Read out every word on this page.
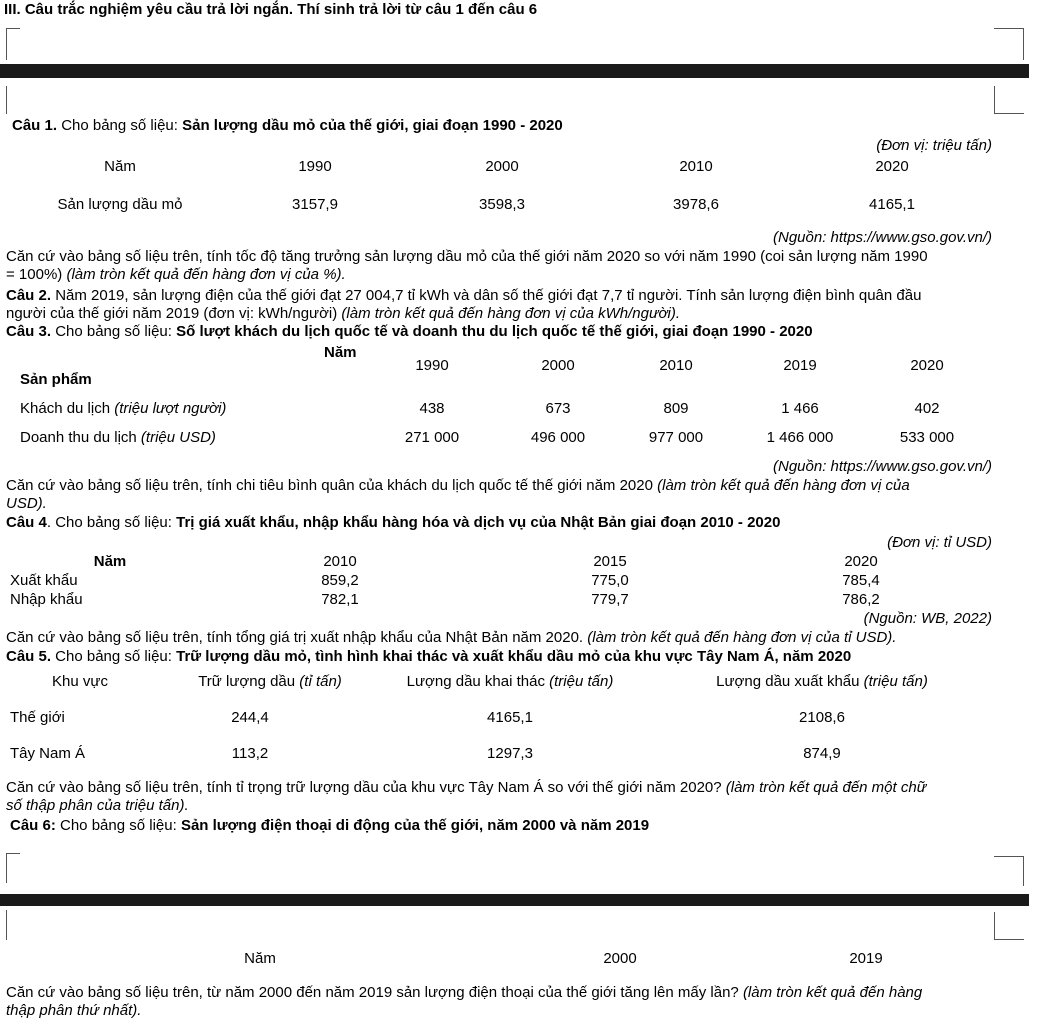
III. Câu trắc nghiệm yêu cầu trả lời ngắn. Thí sinh trả lời từ câu 1 đến câu 6
Câu 1. Cho bảng số liệu: Sản lượng dầu mỏ của thế giới, giai đoạn 1990 - 2020
(Đơn vị: triệu tấn)
Năm	1990	2000	2010	2020
Sản lượng dầu mỏ	3157,9	3598,3	3978,6	4165,1
(Nguồn: https://www.gso.gov.vn/)
Căn cứ vào bảng số liệu trên, tính tốc độ tăng trưởng sản lượng dầu mỏ của thế giới năm 2020 so với năm 1990 (coi sản lượng năm 1990
= 100%) (làm tròn kết quả đến hàng đơn vị của %).
Câu 2. Năm 2019, sản lượng điện của thế giới đạt 27 004,7 tỉ kWh và dân số thế giới đạt 7,7 tỉ người. Tính sản lượng điện bình quân đầu
người của thế giới năm 2019 (đơn vị: kWh/người) (làm tròn kết quả đến hàng đơn vị của kWh/người).
Câu 3. Cho bảng số liệu: Số lượt khách du lịch quốc tế và doanh thu du lịch quốc tế thế giới, giai đoạn 1990 - 2020
Năm
Sản phẩm
1990	2000	2010	2019	2020
Khách du lịch (triệu lượt người)	438	673	809	1 466	402
Doanh thu du lịch (triệu USD)	271 000	496 000	977 000	1 466 000	533 000
(Nguồn: https://www.gso.gov.vn/)
Căn cứ vào bảng số liệu trên, tính chi tiêu bình quân của khách du lịch quốc tế thế giới năm 2020 (làm tròn kết quả đến hàng đơn vị của
USD).
Câu 4. Cho bảng số liệu: Trị giá xuất khẩu, nhập khẩu hàng hóa và dịch vụ của Nhật Bản giai đoạn 2010 - 2020
(Đơn vị: tỉ USD)
Năm	2010	2015	2020
Xuất khẩu	859,2	775,0	785,4
Nhập khẩu	782,1	779,7	786,2
(Nguồn: WB, 2022)
Căn cứ vào bảng số liệu trên, tính tổng giá trị xuất nhập khẩu của Nhật Bản năm 2020. (làm tròn kết quả đến hàng đơn vị của tỉ USD).
Câu 5. Cho bảng số liệu: Trữ lượng dầu mỏ, tình hình khai thác và xuất khẩu dầu mỏ của khu vực Tây Nam Á, năm 2020
Khu vực	Trữ lượng dầu (tỉ tấn)	Lượng dầu khai thác (triệu tấn)	Lượng dầu xuất khẩu (triệu tấn)
Thế giới	244,4	4165,1	2108,6
Tây Nam Á	113,2	1297,3	874,9
Căn cứ vào bảng số liệu trên, tính tỉ trọng trữ lượng dầu của khu vực Tây Nam Á so với thế giới năm 2020? (làm tròn kết quả đến một chữ
số thập phân của triệu tấn).
Câu 6: Cho bảng số liệu: Sản lượng điện thoại di động của thế giới, năm 2000 và năm 2019
Năm	2000	2019
Căn cứ vào bảng số liệu trên, từ năm 2000 đến năm 2019 sản lượng điện thoại của thế giới tăng lên mấy lần? (làm tròn kết quả đến hàng
thập phân thứ nhất).
